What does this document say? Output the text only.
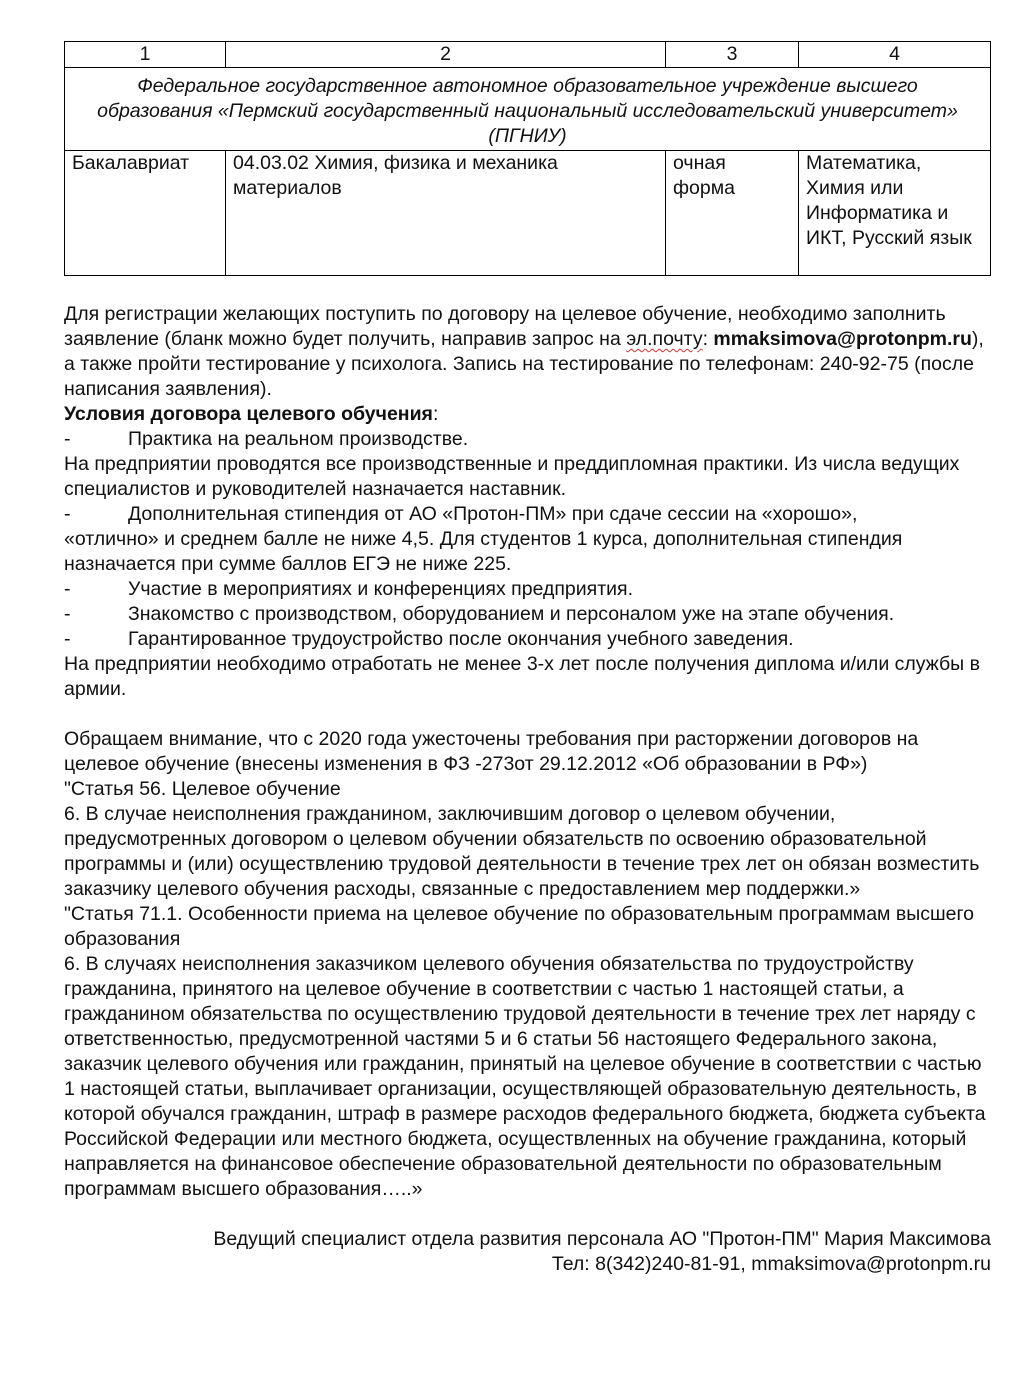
1	2	3	4
Федеральное государственное автономное образовательное учреждение высшего образования «Пермский государственный национальный исследовательский университет» (ПГНИУ)			
Бакалавриат	04.03.02 Химия, физика и механика материалов	очная форма	Математика, Химия или Информатика и ИКТ, Русский язык

Для регистрации желающих поступить по договору на целевое обучение, необходимо заполнить заявление (бланк можно будет получить, направив запрос на эл.почту: mmaksimova@protonpm.ru), а также пройти тестирование у психолога. Запись на тестирование по телефонам: 240-92-75 (после написания заявления).

Условия договора целевого обучения:

-	Практика на реальном производстве.

На предприятии проводятся все производственные и преддипломная практики. Из числа ведущих специалистов и руководителей назначается наставник.

-	Дополнительная стипендия от АО «Протон-ПМ» при сдаче сессии на «хорошо»,

«отлично» и среднем балле не ниже 4,5. Для студентов 1 курса, дополнительная стипендия назначается при сумме баллов ЕГЭ не ниже 225.

-	Участие в мероприятиях и конференциях предприятия.
-	Знакомство с производством, оборудованием и персоналом уже на этапе обучения.
-	Гарантированное трудоустройство после окончания учебного заведения.

На предприятии необходимо отработать не менее 3-х лет после получения диплома и/или службы в армии.

Обращаем внимание, что с 2020 года ужесточены требования при расторжении договоров на целевое обучение (внесены изменения в ФЗ -273от 29.12.2012 «Об образовании в РФ»)

"Статья 56. Целевое обучение

6. В случае неисполнения гражданином, заключившим договор о целевом обучении, предусмотренных договором о целевом обучении обязательств по освоению образовательной программы и (или) осуществлению трудовой деятельности в течение трех лет он обязан возместить заказчику целевого обучения расходы, связанные с предоставлением мер поддержки.»

"Статья 71.1. Особенности приема на целевое обучение по образовательным программам высшего образования

6. В случаях неисполнения заказчиком целевого обучения обязательства по трудоустройству гражданина, принятого на целевое обучение в соответствии с частью 1 настоящей статьи, а гражданином обязательства по осуществлению трудовой деятельности в течение трех лет наряду с ответственностью, предусмотренной частями 5 и 6 статьи 56 настоящего Федерального закона, заказчик целевого обучения или гражданин, принятый на целевое обучение в соответствии с частью 1 настоящей статьи, выплачивает организации, осуществляющей образовательную деятельность, в которой обучался гражданин, штраф в размере расходов федерального бюджета, бюджета субъекта Российской Федерации или местного бюджета, осуществленных на обучение гражданина, который направляется на финансовое обеспечение образовательной деятельности по образовательным программам высшего образования…..»

Ведущий специалист отдела развития персонала АО "Протон-ПМ" Мария Максимова
Тел: 8(342)240-81-91, mmaksimova@protonpm.ru
